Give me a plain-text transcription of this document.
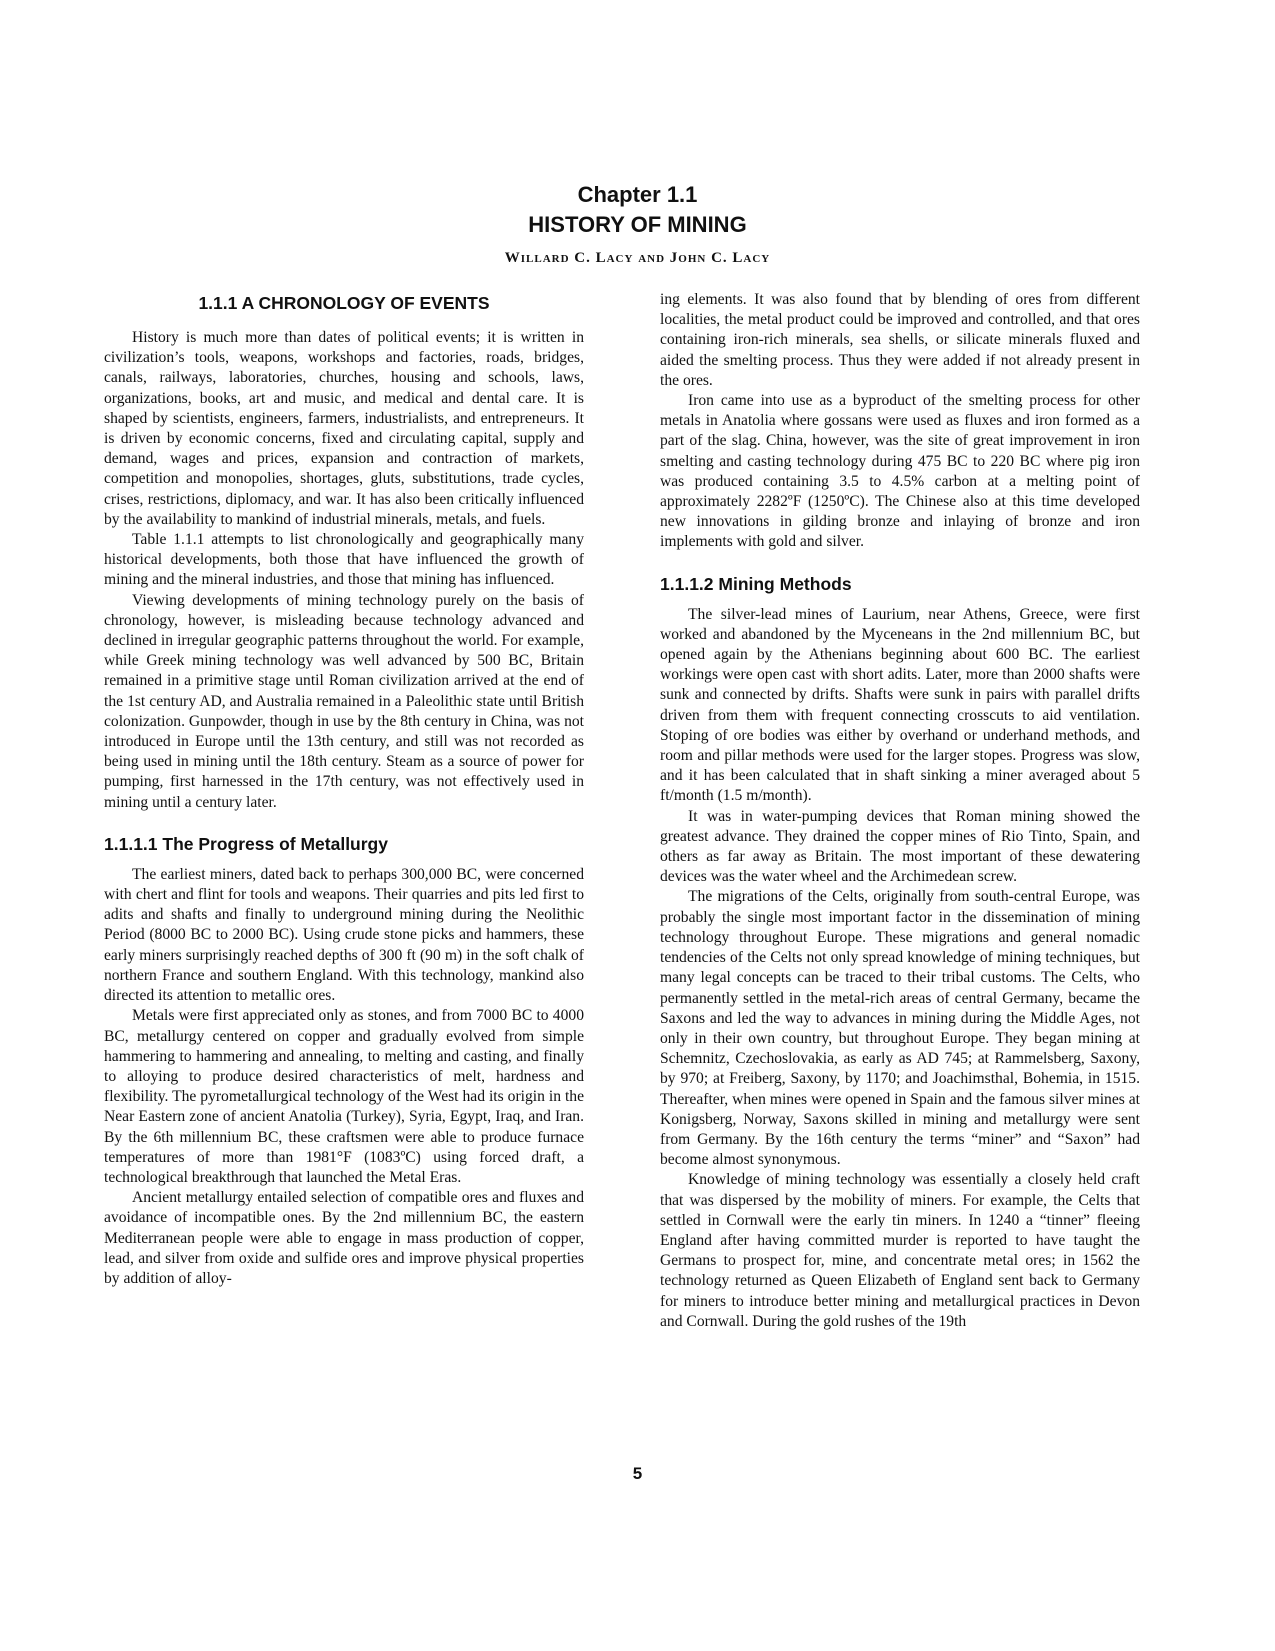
Chapter 1.1
HISTORY OF MINING
Willard C. Lacy and John C. Lacy
1.1.1 A CHRONOLOGY OF EVENTS

History is much more than dates of political events; it is written in civilization’s tools, weapons, workshops and factories, roads, bridges, canals, railways, laboratories, churches, housing and schools, laws, organizations, books, art and music, and medical and dental care. It is shaped by scientists, engineers, farmers, industrialists, and entrepreneurs. It is driven by economic concerns, fixed and circulating capital, supply and demand, wages and prices, expansion and contraction of markets, competition and monopolies, shortages, gluts, substitutions, trade cycles, crises, restrictions, diplomacy, and war. It has also been critically influenced by the availability to mankind of industrial minerals, metals, and fuels.

Table 1.1.1 attempts to list chronologically and geographically many historical developments, both those that have influenced the growth of mining and the mineral industries, and those that mining has influenced.

Viewing developments of mining technology purely on the basis of chronology, however, is misleading because technology advanced and declined in irregular geographic patterns throughout the world. For example, while Greek mining technology was well advanced by 500 BC, Britain remained in a primitive stage until Roman civilization arrived at the end of the 1st century AD, and Australia remained in a Paleolithic state until British colonization. Gunpowder, though in use by the 8th century in China, was not introduced in Europe until the 13th century, and still was not recorded as being used in mining until the 18th century. Steam as a source of power for pumping, first harnessed in the 17th century, was not effectively used in mining until a century later.

1.1.1.1 The Progress of Metallurgy

The earliest miners, dated back to perhaps 300,000 BC, were concerned with chert and flint for tools and weapons. Their quarries and pits led first to adits and shafts and finally to underground mining during the Neolithic Period (8000 BC to 2000 BC). Using crude stone picks and hammers, these early miners surprisingly reached depths of 300 ft (90 m) in the soft chalk of northern France and southern England. With this technology, mankind also directed its attention to metallic ores.

Metals were first appreciated only as stones, and from 7000 BC to 4000 BC, metallurgy centered on copper and gradually evolved from simple hammering to hammering and annealing, to melting and casting, and finally to alloying to produce desired characteristics of melt, hardness and flexibility. The pyrometallurgical technology of the West had its origin in the Near Eastern zone of ancient Anatolia (Turkey), Syria, Egypt, Iraq, and Iran. By the 6th millennium BC, these craftsmen were able to produce furnace temperatures of more than 1981°F (1083ºC) using forced draft, a technological breakthrough that launched the Metal Eras.

Ancient metallurgy entailed selection of compatible ores and fluxes and avoidance of incompatible ones. By the 2nd millennium BC, the eastern Mediterranean people were able to engage in mass production of copper, lead, and silver from oxide and sulfide ores and improve physical properties by addition of alloy-

ing elements. It was also found that by blending of ores from different localities, the metal product could be improved and controlled, and that ores containing iron-rich minerals, sea shells, or silicate minerals fluxed and aided the smelting process. Thus they were added if not already present in the ores.

Iron came into use as a byproduct of the smelting process for other metals in Anatolia where gossans were used as fluxes and iron formed as a part of the slag. China, however, was the site of great improvement in iron smelting and casting technology during 475 BC to 220 BC where pig iron was produced containing 3.5 to 4.5% carbon at a melting point of approximately 2282ºF (1250ºC). The Chinese also at this time developed new innovations in gilding bronze and inlaying of bronze and iron implements with gold and silver.

1.1.1.2 Mining Methods

The silver-lead mines of Laurium, near Athens, Greece, were first worked and abandoned by the Myceneans in the 2nd millennium BC, but opened again by the Athenians beginning about 600 BC. The earliest workings were open cast with short adits. Later, more than 2000 shafts were sunk and connected by drifts. Shafts were sunk in pairs with parallel drifts driven from them with frequent connecting crosscuts to aid ventilation. Stoping of ore bodies was either by overhand or underhand methods, and room and pillar methods were used for the larger stopes. Progress was slow, and it has been calculated that in shaft sinking a miner averaged about 5 ft/month (1.5 m/month).

It was in water-pumping devices that Roman mining showed the greatest advance. They drained the copper mines of Rio Tinto, Spain, and others as far away as Britain. The most important of these dewatering devices was the water wheel and the Archimedean screw.

The migrations of the Celts, originally from south-central Europe, was probably the single most important factor in the dissemination of mining technology throughout Europe. These migrations and general nomadic tendencies of the Celts not only spread knowledge of mining techniques, but many legal concepts can be traced to their tribal customs. The Celts, who permanently settled in the metal-rich areas of central Germany, became the Saxons and led the way to advances in mining during the Middle Ages, not only in their own country, but throughout Europe. They began mining at Schemnitz, Czechoslovakia, as early as AD 745; at Rammelsberg, Saxony, by 970; at Freiberg, Saxony, by 1170; and Joachimsthal, Bohemia, in 1515. Thereafter, when mines were opened in Spain and the famous silver mines at Konigsberg, Norway, Saxons skilled in mining and metallurgy were sent from Germany. By the 16th century the terms “miner” and “Saxon” had become almost synonymous.

Knowledge of mining technology was essentially a closely held craft that was dispersed by the mobility of miners. For example, the Celts that settled in Cornwall were the early tin miners. In 1240 a “tinner” fleeing England after having committed murder is reported to have taught the Germans to prospect for, mine, and concentrate metal ores; in 1562 the technology returned as Queen Elizabeth of England sent back to Germany for miners to introduce better mining and metallurgical practices in Devon and Cornwall. During the gold rushes of the 19th

5
